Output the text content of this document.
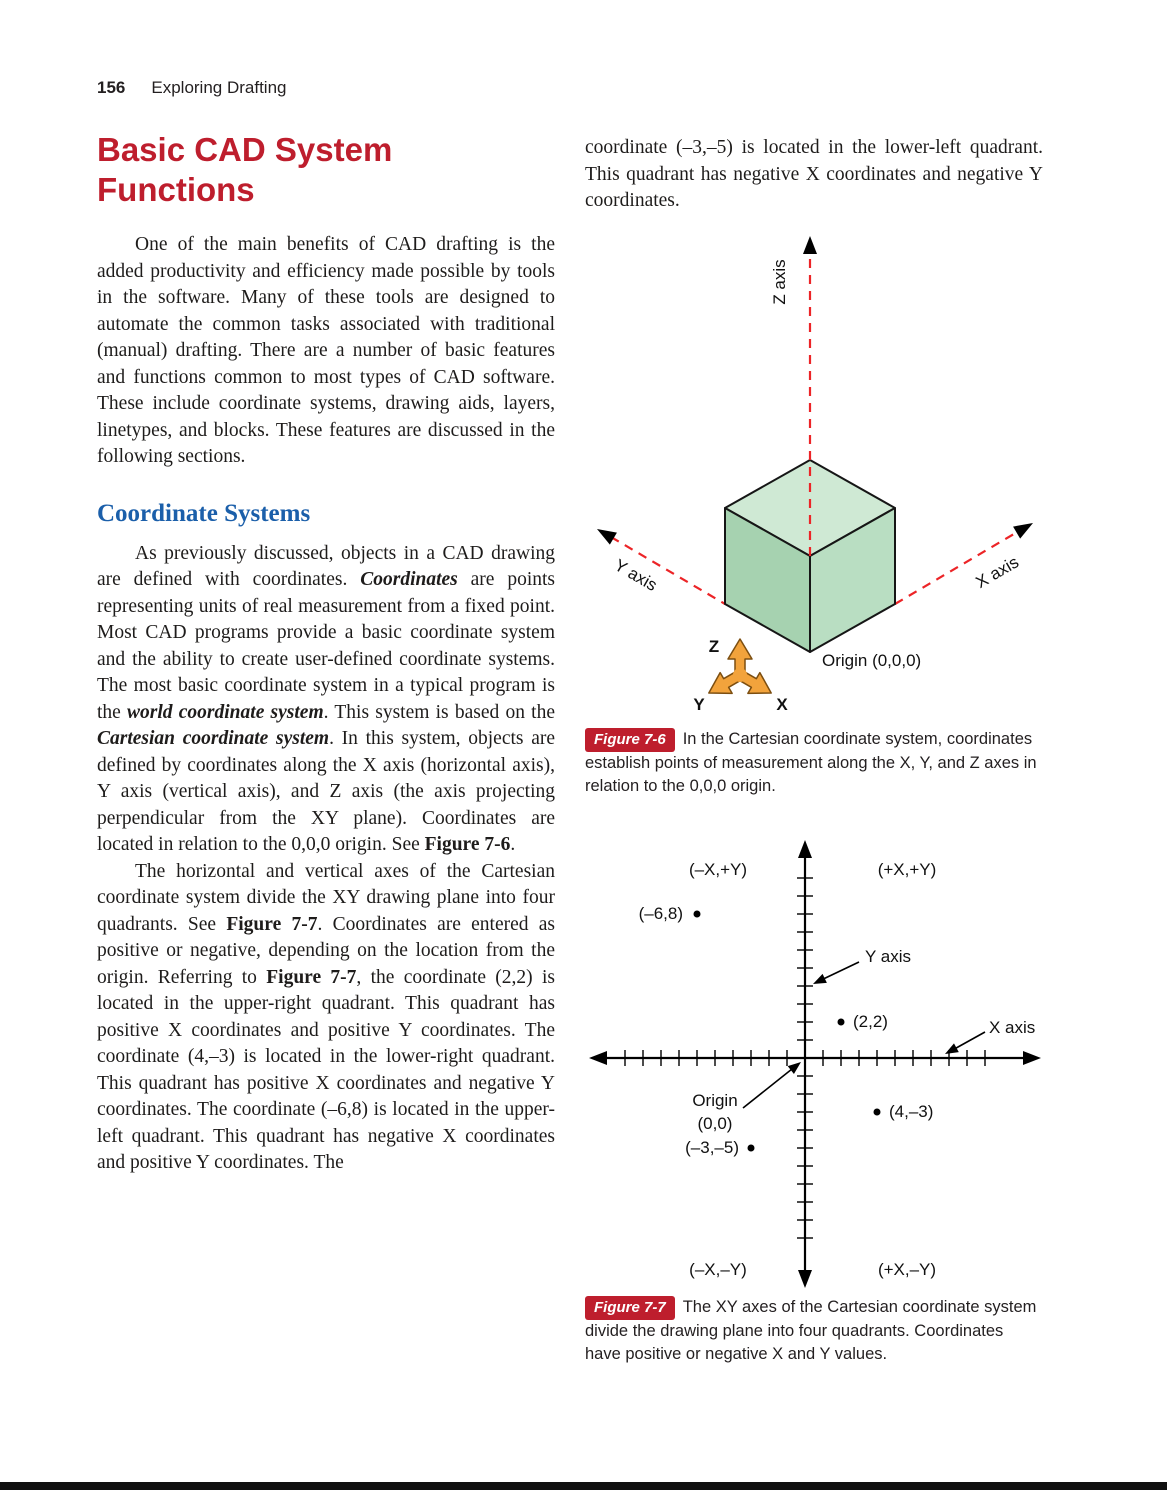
156 Exploring Drafting
Basic CAD System Functions

One of the main benefits of CAD drafting is the added productivity and efficiency made possible by tools in the software. Many of these tools are designed to automate the common tasks associated with traditional (manual) drafting. There are a number of basic features and functions common to most types of CAD software. These include coordinate systems, drawing aids, layers, linetypes, and blocks. These features are discussed in the following sections.

Coordinate Systems

As previously discussed, objects in a CAD drawing are defined with coordinates. Coordinates are points representing units of real measurement from a fixed point. Most CAD programs provide a basic coordinate system and the ability to create user-defined coordinate systems. The most basic coordinate system in a typical program is the world coordinate system. This system is based on the Cartesian coordinate system. In this system, objects are defined by coordinates along the X axis (horizontal axis), Y axis (vertical axis), and Z axis (the axis projecting perpendicular from the XY plane). Coordinates are located in relation to the 0,0,0 origin. See Figure 7-6.

The horizontal and vertical axes of the Cartesian coordinate system divide the XY drawing plane into four quadrants. See Figure 7-7. Coordinates are entered as positive or negative, depending on the location from the origin. Referring to Figure 7-7, the coordinate (2,2) is located in the upper-right quadrant. This quadrant has positive X coordinates and positive Y coordinates. The coordinate (4,–3) is located in the lower-right quadrant. This quadrant has positive X coordinates and negative Y coordinates. The coordinate (–6,8) is located in the upper-left quadrant. This quadrant has negative X coordinates and positive Y coordinates. The

coordinate (–3,–5) is located in the lower-left quadrant. This quadrant has negative X coordinates and negative Y coordinates.

Z axis
Y axis	X axis
Origin (0,0,0)
Z
Y	X
Figure 7-6 In the Cartesian coordinate system, coordinates establish points of measurement along the X, Y, and Z axes in relation to the 0,0,0 origin.
(–X,+Y)	(+X,+Y)
(–X,–Y)	(+X,–Y)
(–6,8)
(2,2)
(4,–3)
(–3,–5)
Y axis
X axis
Origin
(0,0)
Figure 7-7 The XY axes of the Cartesian coordinate system divide the drawing plane into four quadrants. Coordinates have positive or negative X and Y values.
